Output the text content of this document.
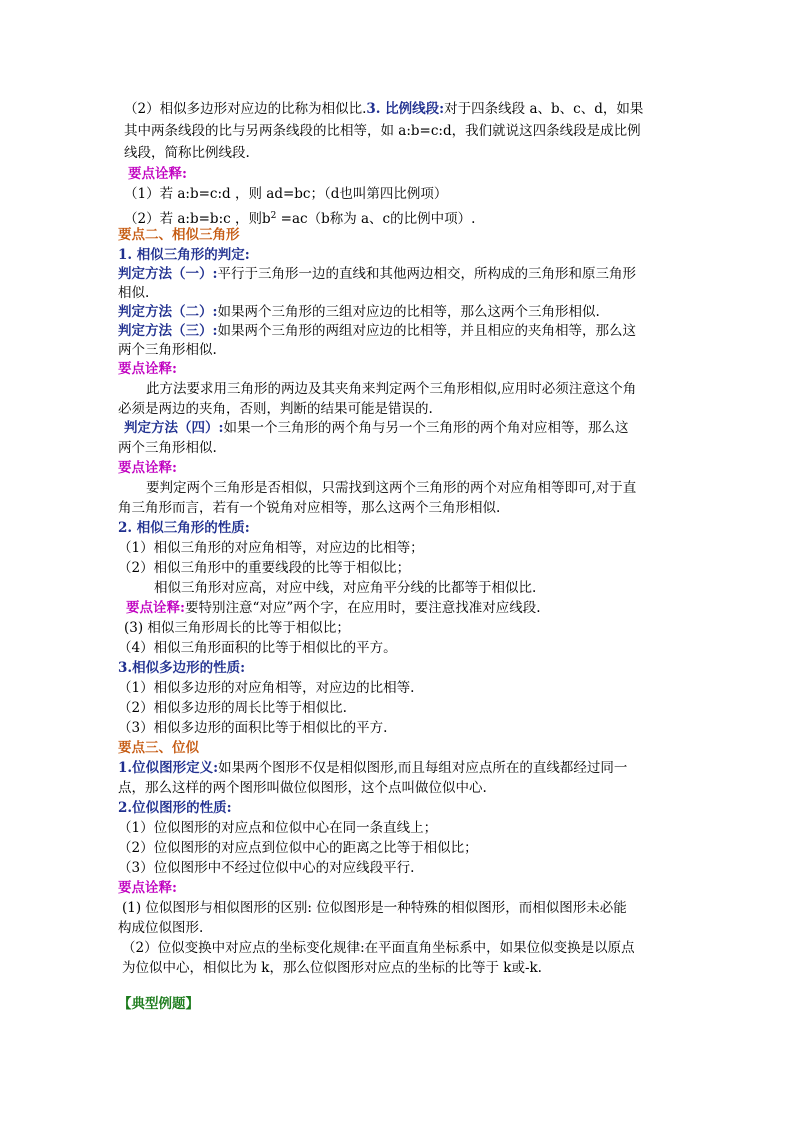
（2）相似多边形对应边的比称为相似比.3. 比例线段:对于四条线段 a、b、c、d，如果
其中两条线段的比与另两条线段的比相等，如 a:b=c:d，我们就说这四条线段是成比例
线段，简称比例线段.
要点诠释:
（1）若 a:b=c:d ，则 ad=bc；（d也叫第四比例项）
（2）若 a:b=b:c ，则$b^2 =ac(b$称为 a、c的比例中项）.
要点二、相似三角形
1. 相似三角形的判定:
判定方法（一）:平行于三角形一边的直线和其他两边相交，所构成的三角形和原三角形
相似.
判定方法（二）:如果两个三角形的三组对应边的比相等，那么这两个三角形相似.
判定方法（三）:如果两个三角形的两组对应边的比相等，并且相应的夹角相等，那么这
两个三角形相似.
要点诠释:
此方法要求用三角形的两边及其夹角来判定两个三角形相似,应用时必须注意这个角
必须是两边的夹角，否则，判断的结果可能是错误的.
判定方法（四）:如果一个三角形的两个角与另一个三角形的两个角对应相等，那么这
两个三角形相似.
要点诠释:
要判定两个三角形是否相似，只需找到这两个三角形的两个对应角相等即可,对于直
角三角形而言，若有一个锐角对应相等，那么这两个三角形相似.
2. 相似三角形的性质:
（1）相似三角形的对应角相等，对应边的比相等；
（2）相似三角形中的重要线段的比等于相似比；
相似三角形对应高，对应中线，对应角平分线的比都等于相似比.
要点诠释:要特别注意“对应”两个字，在应用时，要注意找准对应线段.
(3) 相似三角形周长的比等于相似比；
（4）相似三角形面积的比等于相似比的平方。
3.相似多边形的性质:
（1）相似多边形的对应角相等，对应边的比相等.
（2）相似多边形的周长比等于相似比.
（3）相似多边形的面积比等于相似比的平方.
要点三、位似
1.位似图形定义:如果两个图形不仅是相似图形,而且每组对应点所在的直线都经过同一
点，那么这样的两个图形叫做位似图形，这个点叫做位似中心.
2.位似图形的性质:
（1）位似图形的对应点和位似中心在同一条直线上；
（2）位似图形的对应点到位似中心的距离之比等于相似比；
（3）位似图形中不经过位似中心的对应线段平行.
要点诠释:
(1) 位似图形与相似图形的区别: 位似图形是一种特殊的相似图形，而相似图形未必能
构成位似图形.
（2）位似变换中对应点的坐标变化规律:在平面直角坐标系中，如果位似变换是以原点
为位似中心，相似比为 k，那么位似图形对应点的坐标的比等于 k或-k.
【典型例题】
